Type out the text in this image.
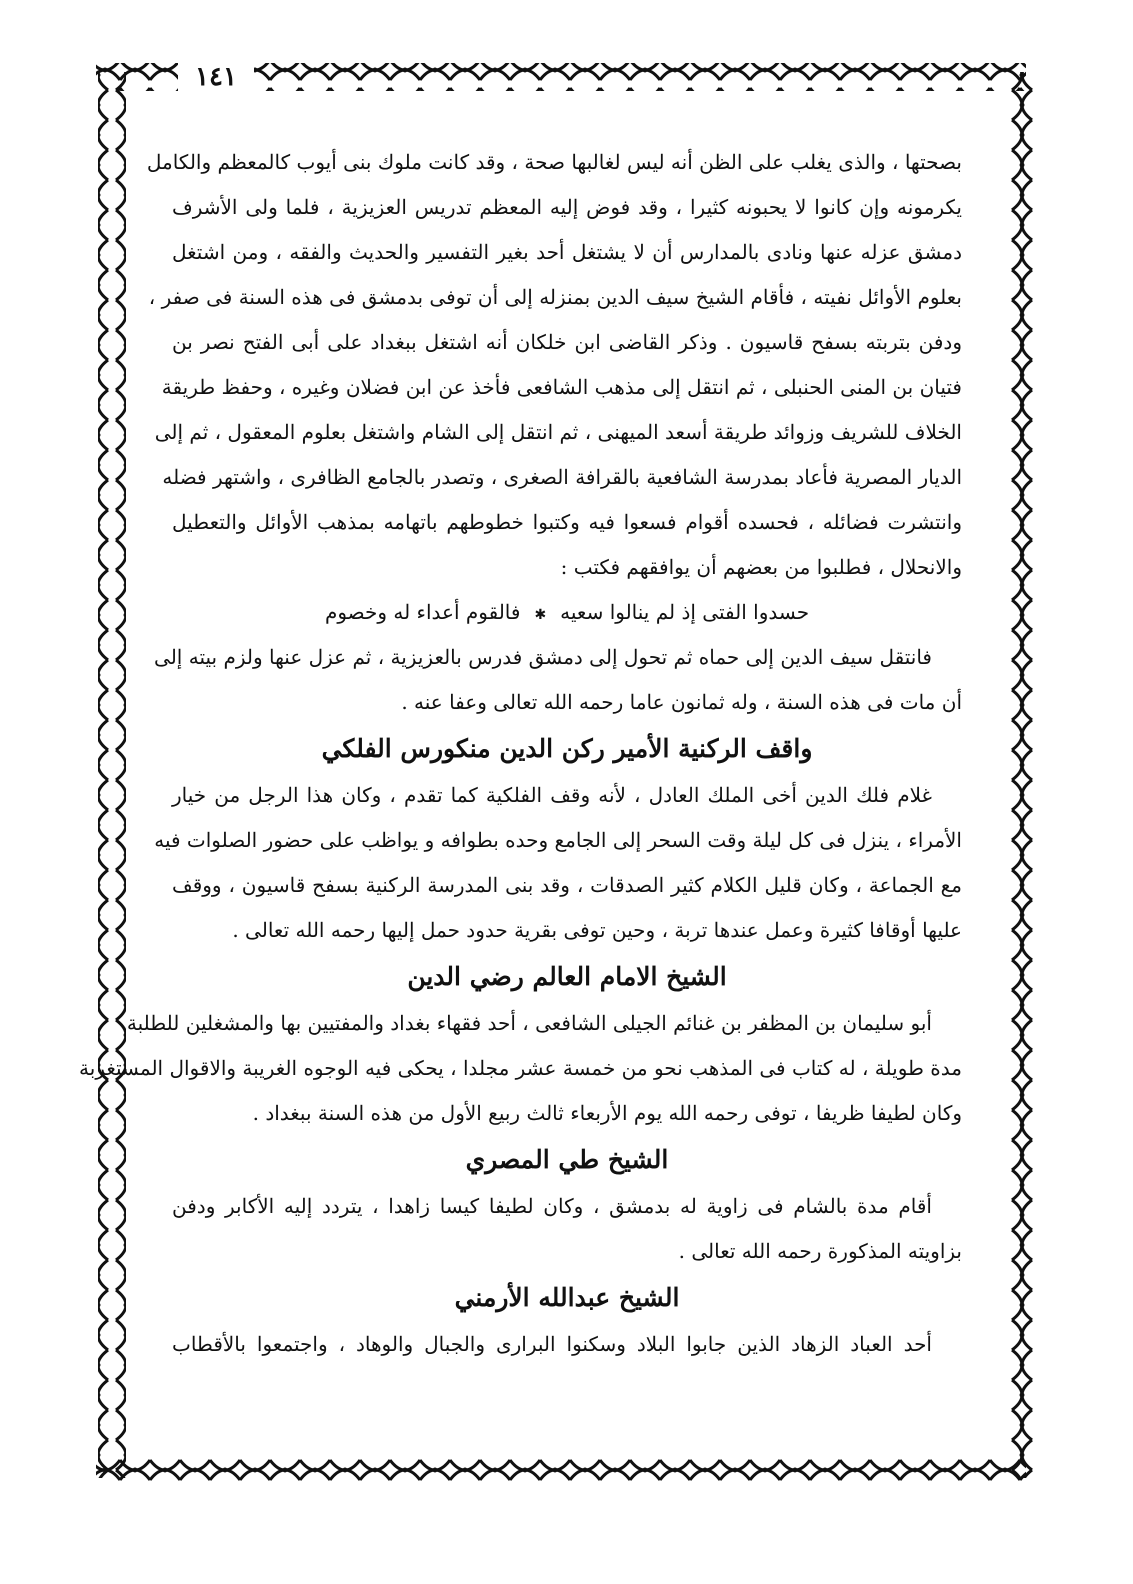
١٤١
بصحتها ، والذى يغلب على الظن أنه ليس لغالبها صحة ، وقد كانت ملوك بنى أيوب كالمعظم والكامل
يكرمونه وإن كانوا لا يحبونه كثيرا ، وقد فوض إليه المعظم تدريس العزيزية ، فلما ولى الأشرف
دمشق عزله عنها ونادى بالمدارس أن لا يشتغل أحد بغير التفسير والحديث والفقه ، ومن اشتغل
بعلوم الأوائل نفيته ، فأقام الشيخ سيف الدين بمنزله إلى أن توفى بدمشق فى هذه السنة فى صفر ،
ودفن بتربته بسفح قاسيون . وذكر القاضى ابن خلكان أنه اشتغل ببغداد على أبى الفتح نصر بن
فتيان بن المنى الحنبلى ، ثم انتقل إلى مذهب الشافعى فأخذ عن ابن فضلان وغيره ، وحفظ طريقة
الخلاف للشريف وزوائد طريقة أسعد الميهنى ، ثم انتقل إلى الشام واشتغل بعلوم المعقول ، ثم إلى
الديار المصرية فأعاد بمدرسة الشافعية بالقرافة الصغرى ، وتصدر بالجامع الظافرى ، واشتهر فضله
وانتشرت فضائله ، فحسده أقوام فسعوا فيه وكتبوا خطوطهم باتهامه بمذهب الأوائل والتعطيل
والانحلال ، فطلبوا من بعضهم أن يوافقهم فكتب :
حسدوا الفتى إذ لم ينالوا سعيه✱فالقوم أعداء له وخصوم
فانتقل سيف الدين إلى حماه ثم تحول إلى دمشق فدرس بالعزيزية ، ثم عزل عنها ولزم بيته إلى
أن مات فى هذه السنة ، وله ثمانون عاما رحمه الله تعالى وعفا عنه .
واقف الركنية الأمير ركن الدين منكورس الفلكي
غلام فلك الدين أخى الملك العادل ، لأنه وقف الفلكية كما تقدم ، وكان هذا الرجل من خيار
الأمراء ، ينزل فى كل ليلة وقت السحر إلى الجامع وحده بطوافه و يواظب على حضور الصلوات فيه
مع الجماعة ، وكان قليل الكلام كثير الصدقات ، وقد بنى المدرسة الركنية بسفح قاسيون ، ووقف
عليها أوقافا كثيرة وعمل عندها تربة ، وحين توفى بقرية حدود حمل إليها رحمه الله تعالى .
الشيخ الامام العالم رضي الدين
أبو سليمان بن المظفر بن غنائم الجيلى الشافعى ، أحد فقهاء بغداد والمفتيين بها والمشغلين للطلبة
مدة طويلة ، له كتاب فى المذهب نحو من خمسة عشر مجلدا ، يحكى فيه الوجوه الغريبة والاقوال المستغربة
وكان لطيفا ظريفا ، توفى رحمه الله يوم الأربعاء ثالث ربيع الأول من هذه السنة ببغداد .
الشيخ طي المصري
أقام مدة بالشام فى زاوية له بدمشق ، وكان لطيفا كيسا زاهدا ، يتردد إليه الأكابر ودفن
بزاويته المذكورة رحمه الله تعالى .
الشيخ عبدالله الأرمني
أحد العباد الزهاد الذين جابوا البلاد وسكنوا البرارى والجبال والوهاد ، واجتمعوا بالأقطاب
